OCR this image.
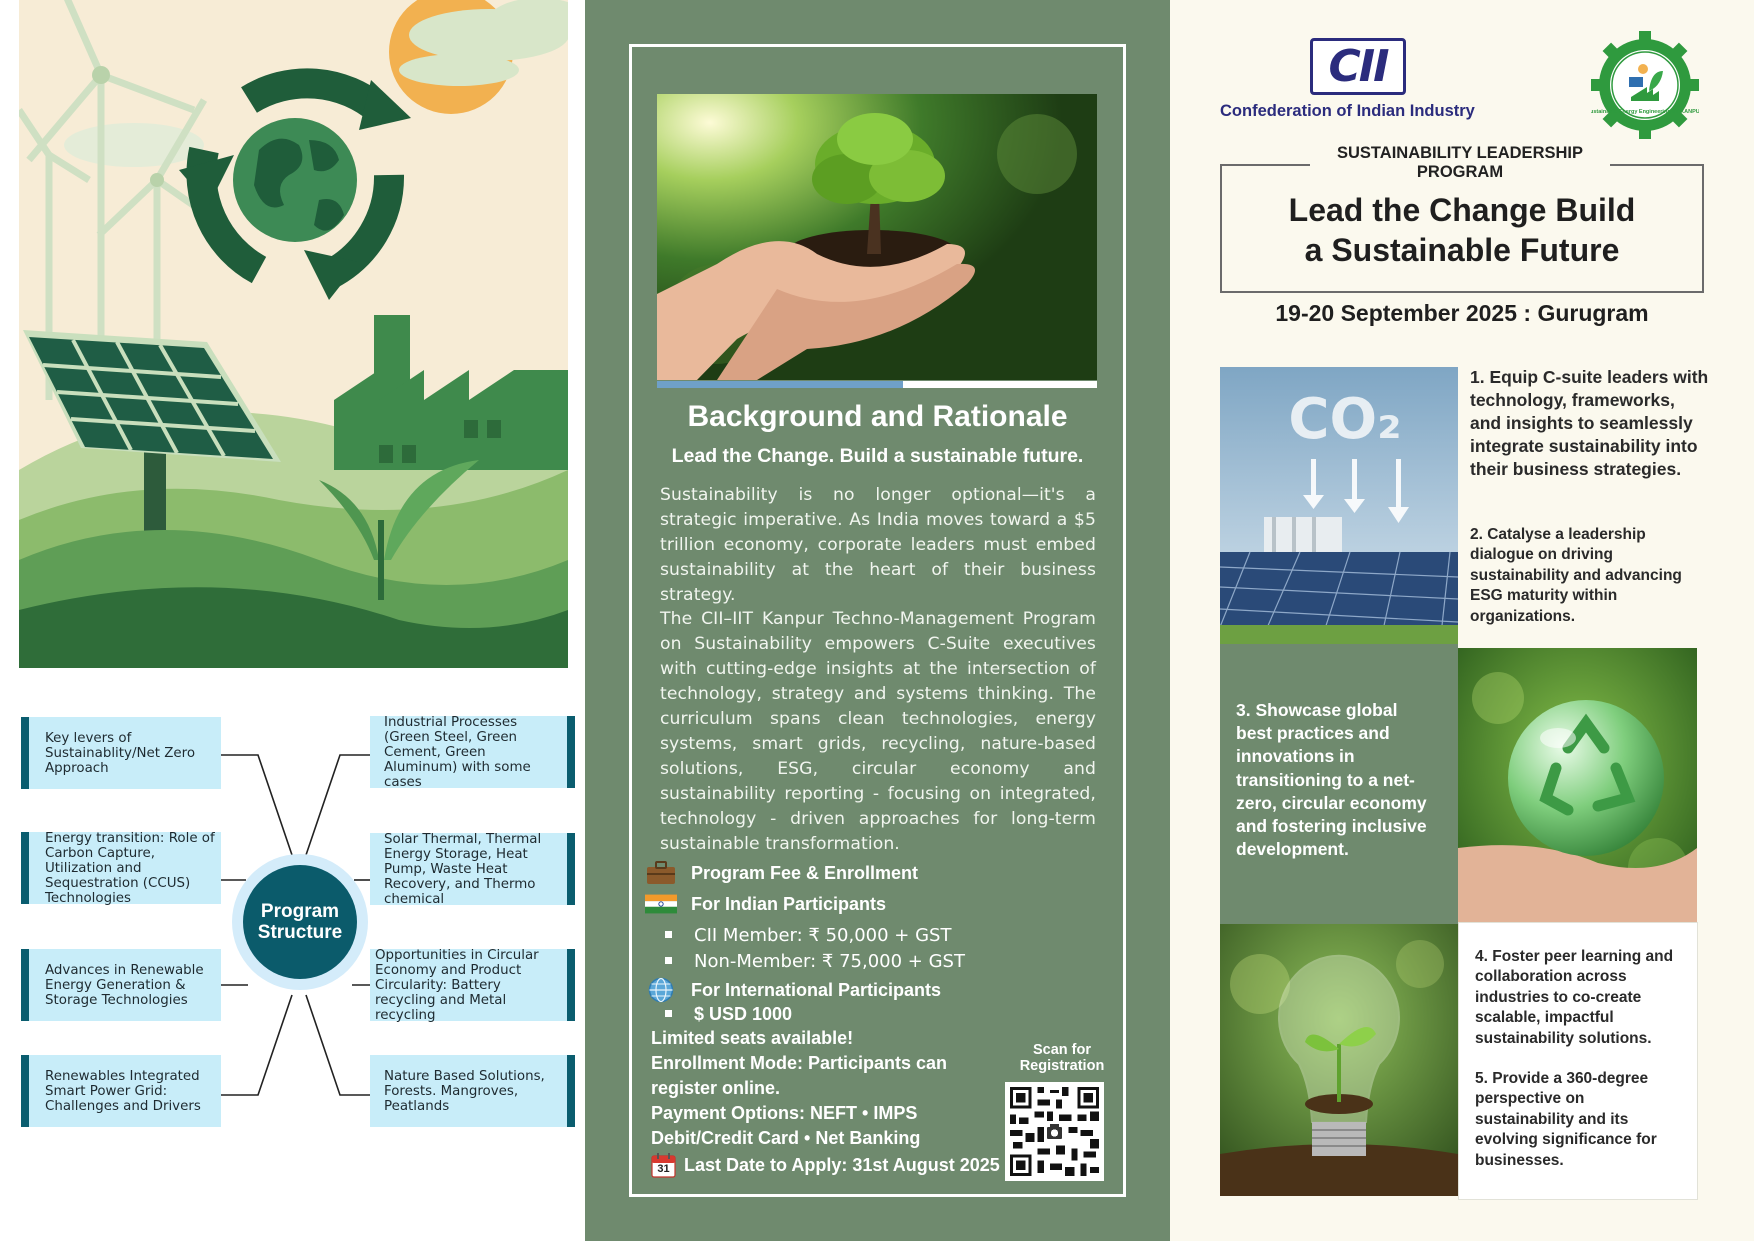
Program Structure
Key levers of Sustainablity/Net Zero Approach
Energy transition: Role of Carbon Capture, Utilization and Sequestration (CCUS) Technologies
Advances in Renewable Energy Generation & Storage Technologies
Renewables Integrated Smart Power Grid: Challenges and Drivers
Industrial Processes (Green Steel, Green Cement, Green Aluminum) with some cases
Solar Thermal, Thermal Energy Storage, Heat Pump, Waste Heat Recovery, and Thermo chemical
Opportunities in Circular Economy and Product Circularity: Battery recycling and Metal recycling
Nature Based Solutions, Forests. Mangroves, Peatlands
Background and Rationale
Lead the Change. Build a sustainable future.

Sustainability is no longer optional—it's a strategic imperative. As India moves toward a $5 trillion economy, corporate leaders must embed sustainability at the heart of their business strategy.

The CII–IIT Kanpur Techno-Management Program on Sustainability empowers C-Suite executives with cutting-edge insights at the intersection of technology, strategy and systems thinking. The curriculum spans clean technologies, energy systems, smart grids, recycling, nature-based solutions, ESG, circular economy and sustainability reporting - focusing on integrated, technology - driven approaches for long-term sustainable transformation.

Program Fee & Enrollment
For Indian Participants
CII Member: ₹ 50,000 + GST
Non-Member: ₹ 75,000 + GST
For International Participants
$ USD 1000
Limited seats available!
Enrollment Mode: Participants can
register online.
Payment Options: NEFT • IMPS
Debit/Credit Card • Net Banking
31 Last Date to Apply: 31st August 2025
Scan for Registration
CII
Confederation of Indian Industry	Sustainable Energy Engineering IIT KANPUR
SUSTAINABILITY LEADERSHIP PROGRAM
Lead the Change Build
a Sustainable Future
19-20 September 2025 : Gurugram
CO₂
1. Equip C-suite leaders with technology, frameworks, and insights to seamlessly integrate sustainability into their business strategies.
2. Catalyse a leadership dialogue on driving sustainability and advancing ESG maturity within organizations.
3. Showcase global best practices and innovations in transitioning to a net-zero, circular economy and fostering inclusive development.
4. Foster peer learning and collaboration across industries to co-create scalable, impactful sustainability solutions.
5. Provide a 360-degree perspective on sustainability and its evolving significance for businesses.
